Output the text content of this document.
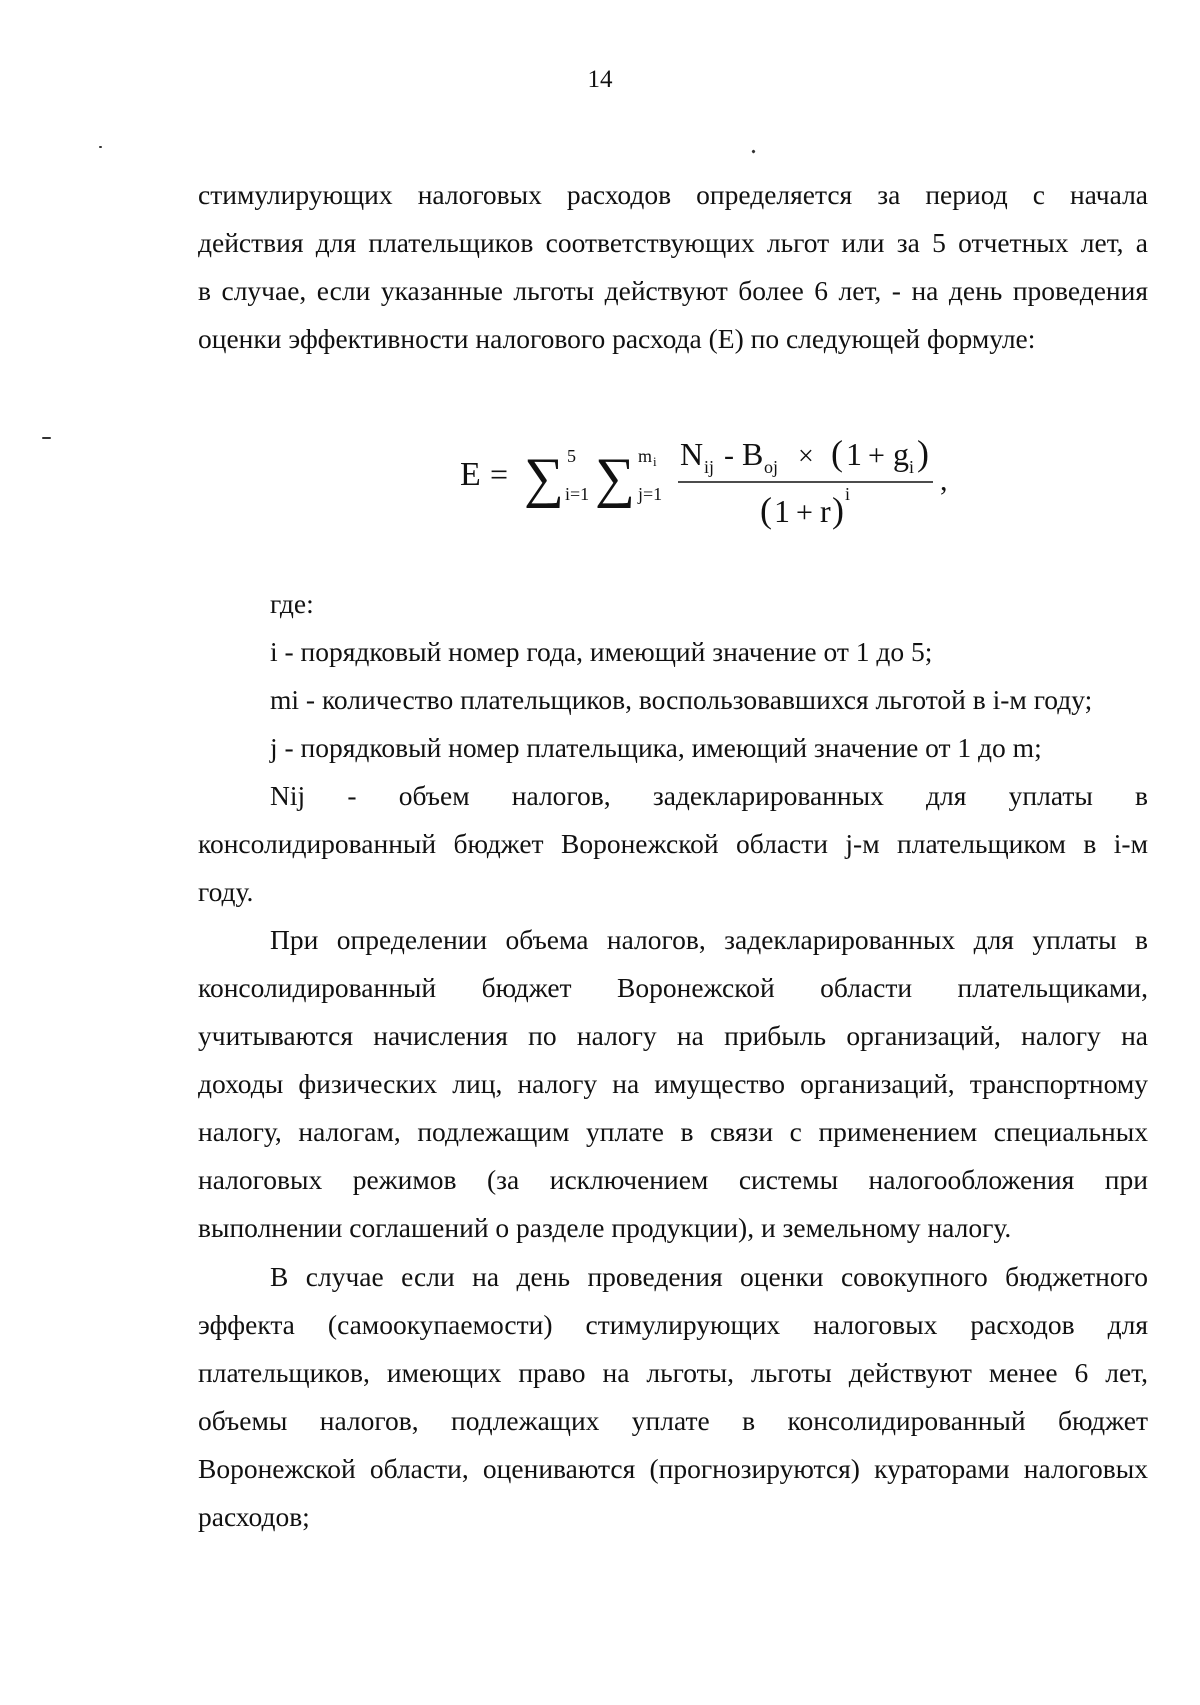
14
стимулирующих налоговых расходов определяется за период с начала
действия для плательщиков соответствующих льгот или за 5 отчетных лет, а
в случае, если указанные льготы действуют более 6 лет, - на день проведения
оценки эффективности налогового расхода (E) по следующей формуле:
E = ∑ 5
i=1 ∑ m i
j=1
N ij - B oj × ( 1 + g i )
( 1 + r ) i	,
где:
i - порядковый номер года, имеющий значение от 1 до 5;
mi - количество плательщиков, воспользовавшихся льготой в i-м году;
j - порядковый номер плательщика, имеющий значение от 1 до m;
Nij - объем налогов, задекларированных для уплаты в
консолидированный бюджет Воронежской области j-м плательщиком в i-м
году.
При определении объема налогов, задекларированных для уплаты в
консолидированный бюджет Воронежской области плательщиками,
учитываются начисления по налогу на прибыль организаций, налогу на
доходы физических лиц, налогу на имущество организаций, транспортному
налогу, налогам, подлежащим уплате в связи с применением специальных
налоговых режимов (за исключением системы налогообложения при
выполнении соглашений о разделе продукции), и земельному налогу.
В случае если на день проведения оценки совокупного бюджетного
эффекта (самоокупаемости) стимулирующих налоговых расходов для
плательщиков, имеющих право на льготы, льготы действуют менее 6 лет,
объемы налогов, подлежащих уплате в консолидированный бюджет
Воронежской области, оцениваются (прогнозируются) кураторами налоговых
расходов;
